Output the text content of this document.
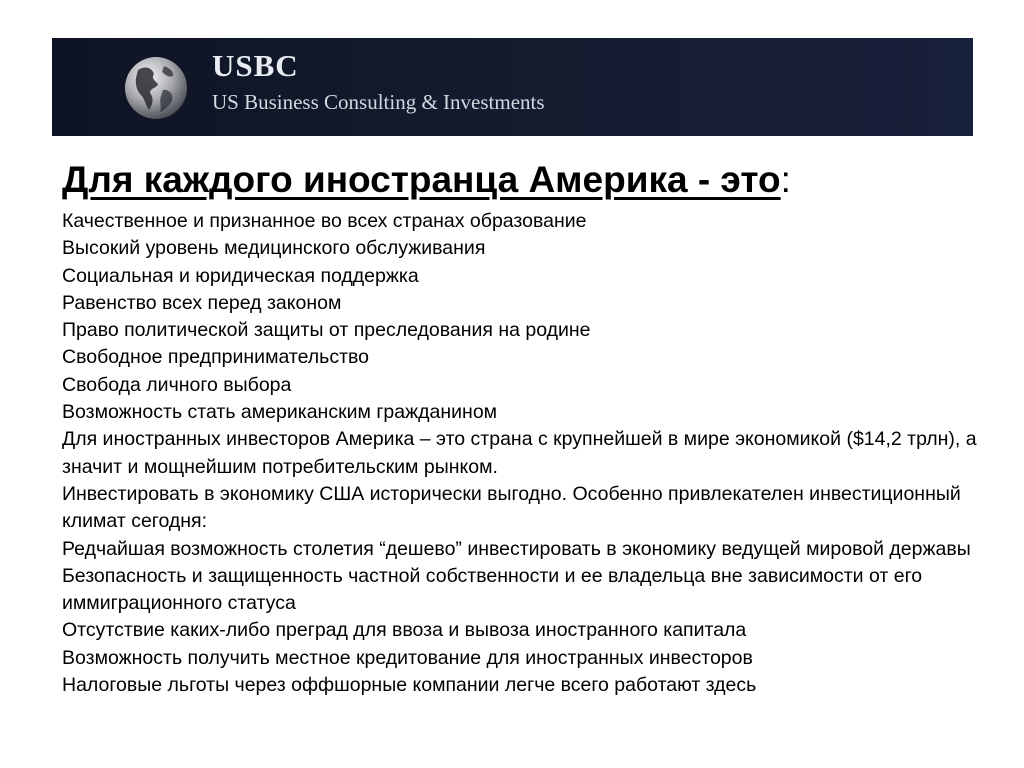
USBC
US Business Consulting & Investments
Для каждого иностранца Америка - это:
Качественное и признанное во всех странах образование
Высокий уровень медицинского обслуживания
Социальная и юридическая поддержка
Равенство всех перед законом
Право политической защиты от преследования на родине
Свободное предпринимательство
Свобода личного выбора
Возможность стать американским гражданином
Для иностранных инвесторов Америка – это страна с крупнейшей в мире экономикой ($14,2 трлн), а значит и мощнейшим потребительским рынком.
Инвестировать в экономику США исторически выгодно. Особенно привлекателен инвестиционный климат сегодня:
Редчайшая возможность столетия “дешево” инвестировать в экономику ведущей мировой державы
Безопасность и защищенность частной собственности и ее владельца вне зависимости от его иммиграционного статуса
Отсутствие каких-либо преград для ввоза и вывоза иностранного капитала
Возможность получить местное кредитование для иностранных инвесторов
Налоговые льготы через оффшорные компании легче всего работают здесь
